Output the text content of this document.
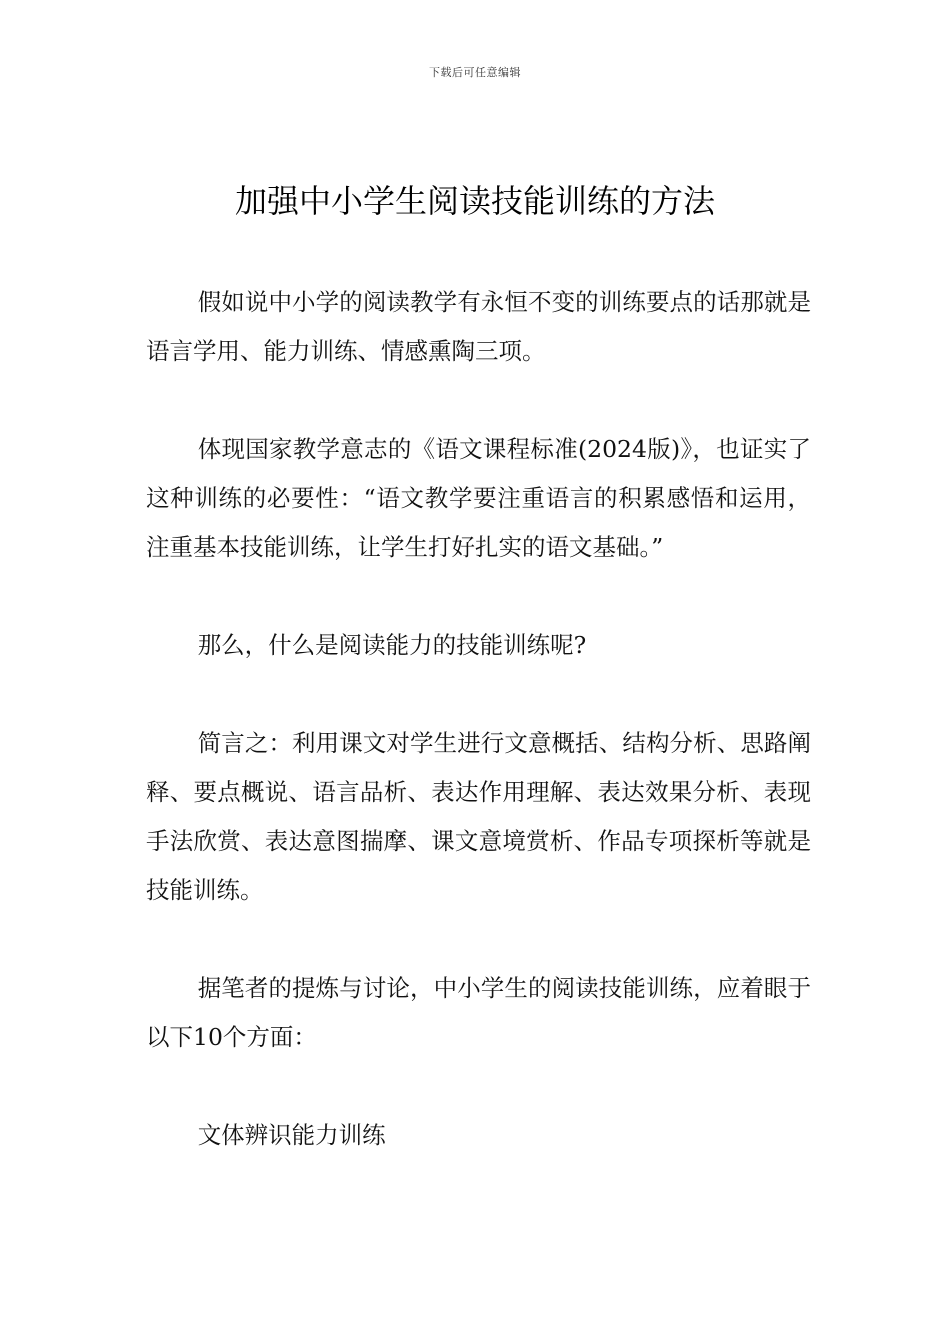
下载后可任意编辑
加强中小学生阅读技能训练的方法

假如说中小学的阅读教学有永恒不变的训练要点的话那就是语言学用、能力训练、情感熏陶三项。

体现国家教学意志的《语文课程标准(2024版)》，也证实了这种训练的必要性：“语文教学要注重语言的积累感悟和运用，注重基本技能训练，让学生打好扎实的语文基础。”

那么，什么是阅读能力的技能训练呢?

简言之：利用课文对学生进行文意概括、结构分析、思路阐释、要点概说、语言品析、表达作用理解、表达效果分析、表现手法欣赏、表达意图揣摩、课文意境赏析、作品专项探析等就是技能训练。

据笔者的提炼与讨论，中小学生的阅读技能训练，应着眼于以下10个方面：

文体辨识能力训练
